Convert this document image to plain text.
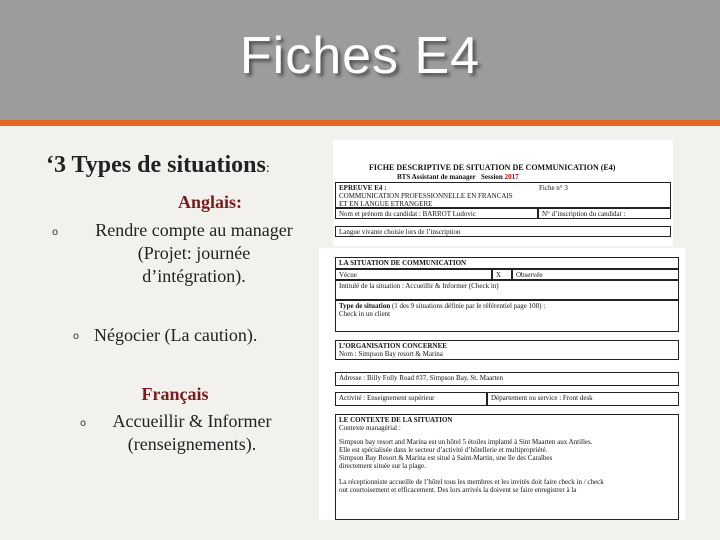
Fiches E4
‘3 Types de situations:
Anglais:
o	Rendre compte au manager
(Projet: journée
d’intégration).
o Négocier (La caution).
Français
o	Accueillir & Informer
(renseignements).
FICHE DESCRIPTIVE DE SITUATION DE COMMUNICATION (E4)
BTS Assistant de manager Session 2017
EPREUVE E4 :
COMMUNICATION PROFESSIONNELLE EN FRANCAIS
ET EN LANGUE ETRANGERE
Fiche n° 3
Nom et prénom du candidat : BARROT Ludovic	N° d’inscription du candidat :
Langue vivante choisie lors de l’inscription
LA SITUATION DE COMMUNICATION
Vécue	X	Observée
Intitulé de la situation : Accueillir & Informer (Check in)
Type de situation (1 des 9 situations définie par le référentiel page 108) :
Check in un client
L’ORGANISATION CONCERNEE
Nom : Simpson Bay resort & Marina
Adresse : Billy Folly Road #37, Simpson Bay, St. Maarten
Activité : Enseignement supérieur	Département ou service : Front desk
LE CONTEXTE DE LA SITUATION
Contexte managérial :
Simpson bay resort and Marina est un hôtel 5 étoiles implanté à Sint Maarten aux Antilles.
Elle est spécialisée dans le secteur d’activité d’hôtellerie et multipropriété.
Simpson Bay Resort & Marina est situé à Saint-Martin, une île des Caraïbes
directement située sur la plage.
La réceptionniste accueille de l’hôtel tous les membres et les invités doit faire check in / check
out courtoisement et efficacement. Des lors arrivés la doivent se faire enregistrer à la
